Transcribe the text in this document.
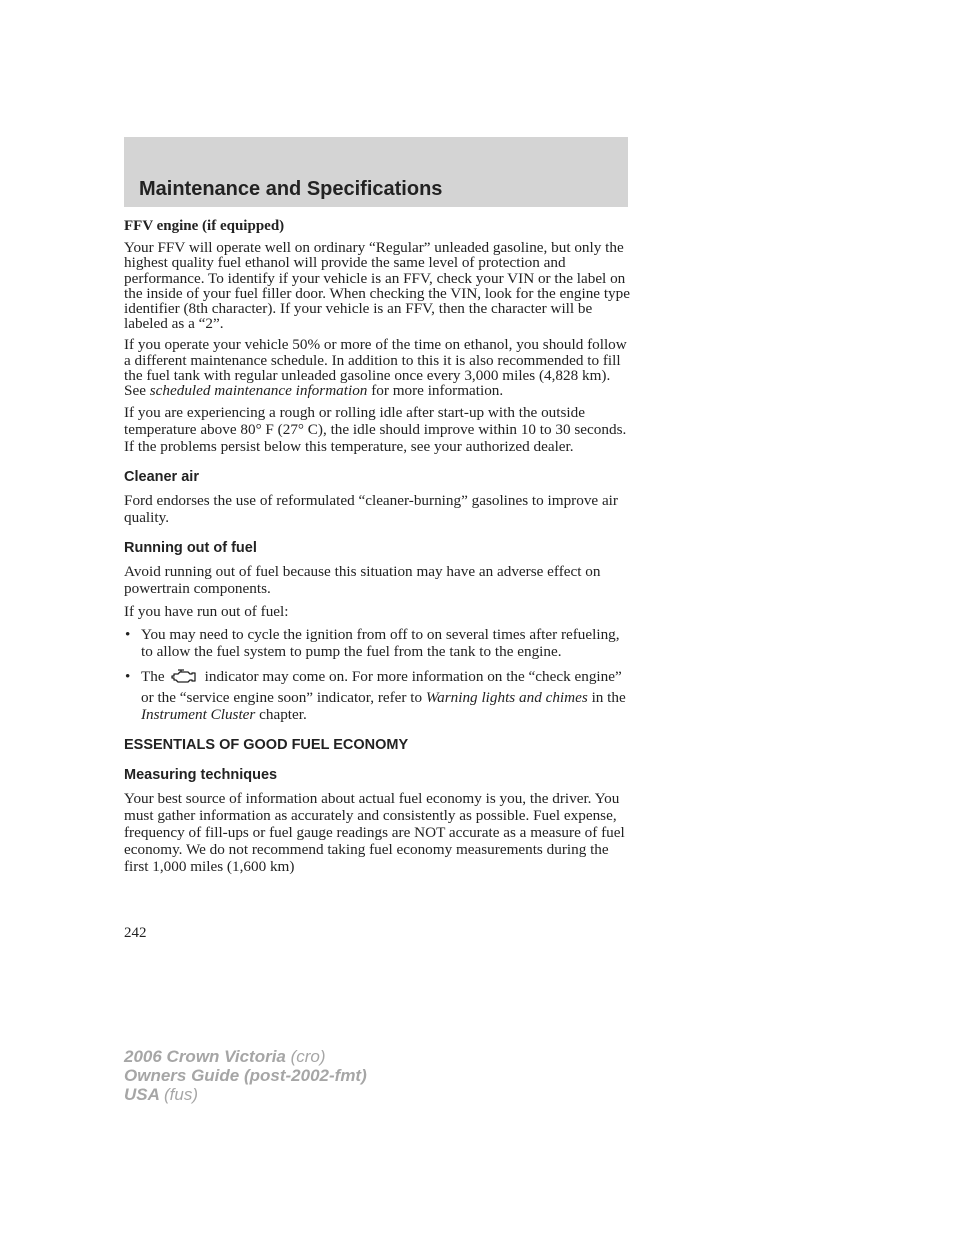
Maintenance and Specifications
FFV engine (if equipped)

Your FFV will operate well on ordinary “Regular” unleaded gasoline, but only the highest quality fuel ethanol will provide the same level of protection and performance. To identify if your vehicle is an FFV, check your VIN or the label on the inside of your fuel filler door. When checking the VIN, look for the engine type identifier (8th character). If your vehicle is an FFV, then the character will be labeled as a “2”.

If you operate your vehicle 50% or more of the time on ethanol, you should follow a different maintenance schedule. In addition to this it is also recommended to fill the fuel tank with regular unleaded gasoline once every 3,000 miles (4,828 km). See scheduled maintenance information for more information.

If you are experiencing a rough or rolling idle after start-up with the outside temperature above 80° F (27° C), the idle should improve within 10 to 30 seconds. If the problems persist below this temperature, see your authorized dealer.

Cleaner air

Ford endorses the use of reformulated “cleaner-burning” gasolines to improve air quality.

Running out of fuel

Avoid running out of fuel because this situation may have an adverse effect on powertrain components.

If you have run out of fuel:

• You may need to cycle the ignition from off to on several times after refueling, to allow the fuel system to pump the fuel from the tank to the engine.
• The	indicator may come on. For more information on the “check engine” or the “service engine soon” indicator, refer to Warning lights and chimes in the Instrument Cluster chapter.
ESSENTIALS OF GOOD FUEL ECONOMY
Measuring techniques

Your best source of information about actual fuel economy is you, the driver. You must gather information as accurately and consistently as possible. Fuel expense, frequency of fill-ups or fuel gauge readings are NOT accurate as a measure of fuel economy. We do not recommend taking fuel economy measurements during the first 1,000 miles (1,600 km)

242
2006 Crown Victoria (cro)
Owners Guide (post-2002-fmt)
USA (fus)
